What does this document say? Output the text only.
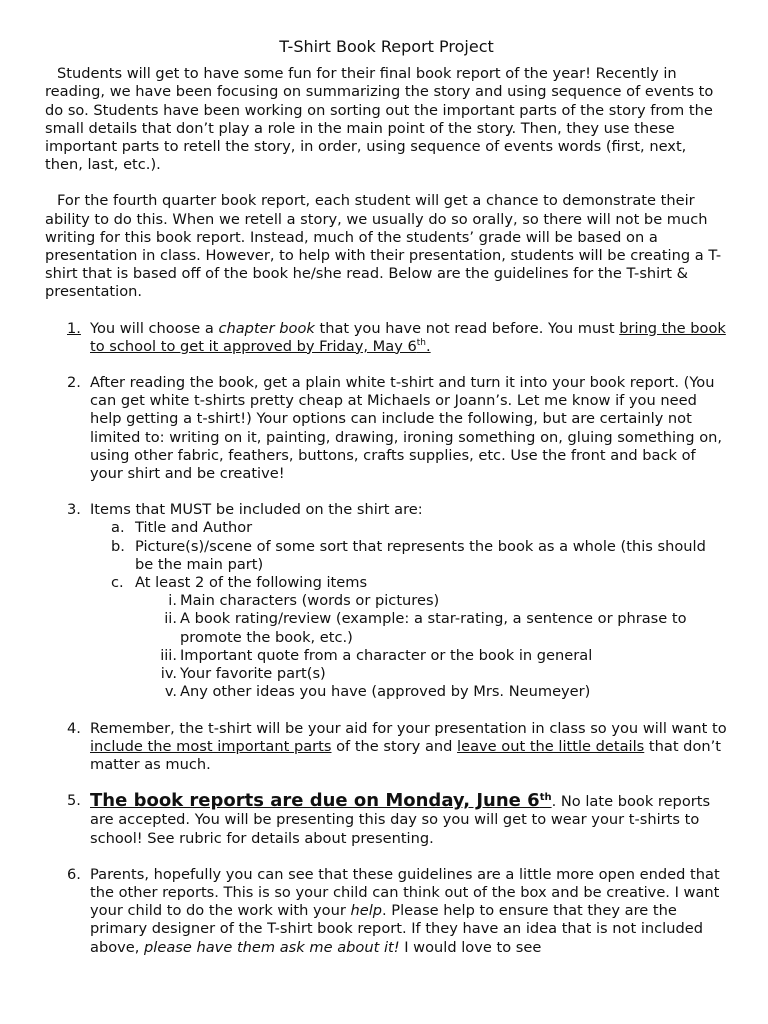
T-Shirt Book Report Project

Students will get to have some fun for their final book report of the year! Recently in reading, we have been focusing on summarizing the story and using sequence of events to do so. Students have been working on sorting out the important parts of the story from the small details that don’t play a role in the main point of the story. Then, they use these important parts to retell the story, in order, using sequence of events words (first, next, then, last, etc.).

For the fourth quarter book report, each student will get a chance to demonstrate their ability to do this. When we retell a story, we usually do so orally, so there will not be much writing for this book report. Instead, much of the students’ grade will be based on a presentation in class. However, to help with their presentation, students will be creating a T-shirt that is based off of the book he/she read. Below are the guidelines for the T-shirt & presentation.

1. You will choose a chapter book that you have not read before. You must bring the book to school to get it approved by Friday, May 6th.
2. After reading the book, get a plain white t-shirt and turn it into your book report. (You can get white t-shirts pretty cheap at Michaels or Joann’s. Let me know if you need help getting a t-shirt!) Your options can include the following, but are certainly not limited to: writing on it, painting, drawing, ironing something on, gluing something on, using other fabric, feathers, buttons, crafts supplies, etc. Use the front and back of your shirt and be creative!
3. Items that MUST be included on the shirt are:
a. Title and Author
b. Picture(s)/scene of some sort that represents the book as a whole (this should be the main part)
c. At least 2 of the following items
i. Main characters (words or pictures)
ii. A book rating/review (example: a star-rating, a sentence or phrase to promote the book, etc.)
iii. Important quote from a character or the book in general
iv. Your favorite part(s)
v. Any other ideas you have (approved by Mrs. Neumeyer)
4. Remember, the t-shirt will be your aid for your presentation in class so you will want to include the most important parts of the story and leave out the little details that don’t matter as much.
5. The book reports are due on Monday, June 6th. No late book reports are accepted. You will be presenting this day so you will get to wear your t-shirts to school! See rubric for details about presenting.
6. Parents, hopefully you can see that these guidelines are a little more open ended that the other reports. This is so your child can think out of the box and be creative. I want your child to do the work with your help. Please help to ensure that they are the primary designer of the T-shirt book report. If they have an idea that is not included above, please have them ask me about it! I would love to see
